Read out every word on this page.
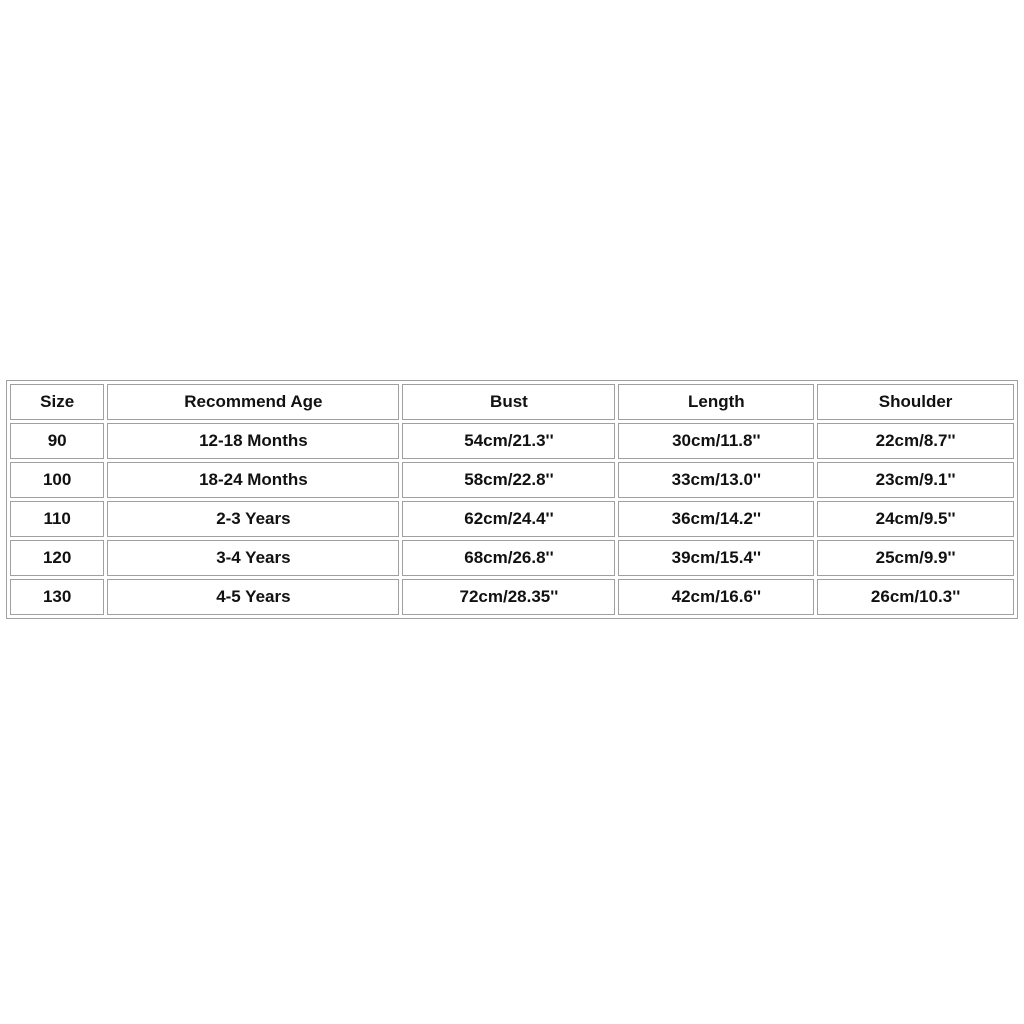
Size	Recommend Age	Bust	Length	Shoulder
90	12-18 Months	54cm/21.3''	30cm/11.8''	22cm/8.7''
100	18-24 Months	58cm/22.8''	33cm/13.0''	23cm/9.1''
110	2-3 Years	62cm/24.4''	36cm/14.2''	24cm/9.5''
120	3-4 Years	68cm/26.8''	39cm/15.4''	25cm/9.9''
130	4-5 Years	72cm/28.35''	42cm/16.6''	26cm/10.3''
